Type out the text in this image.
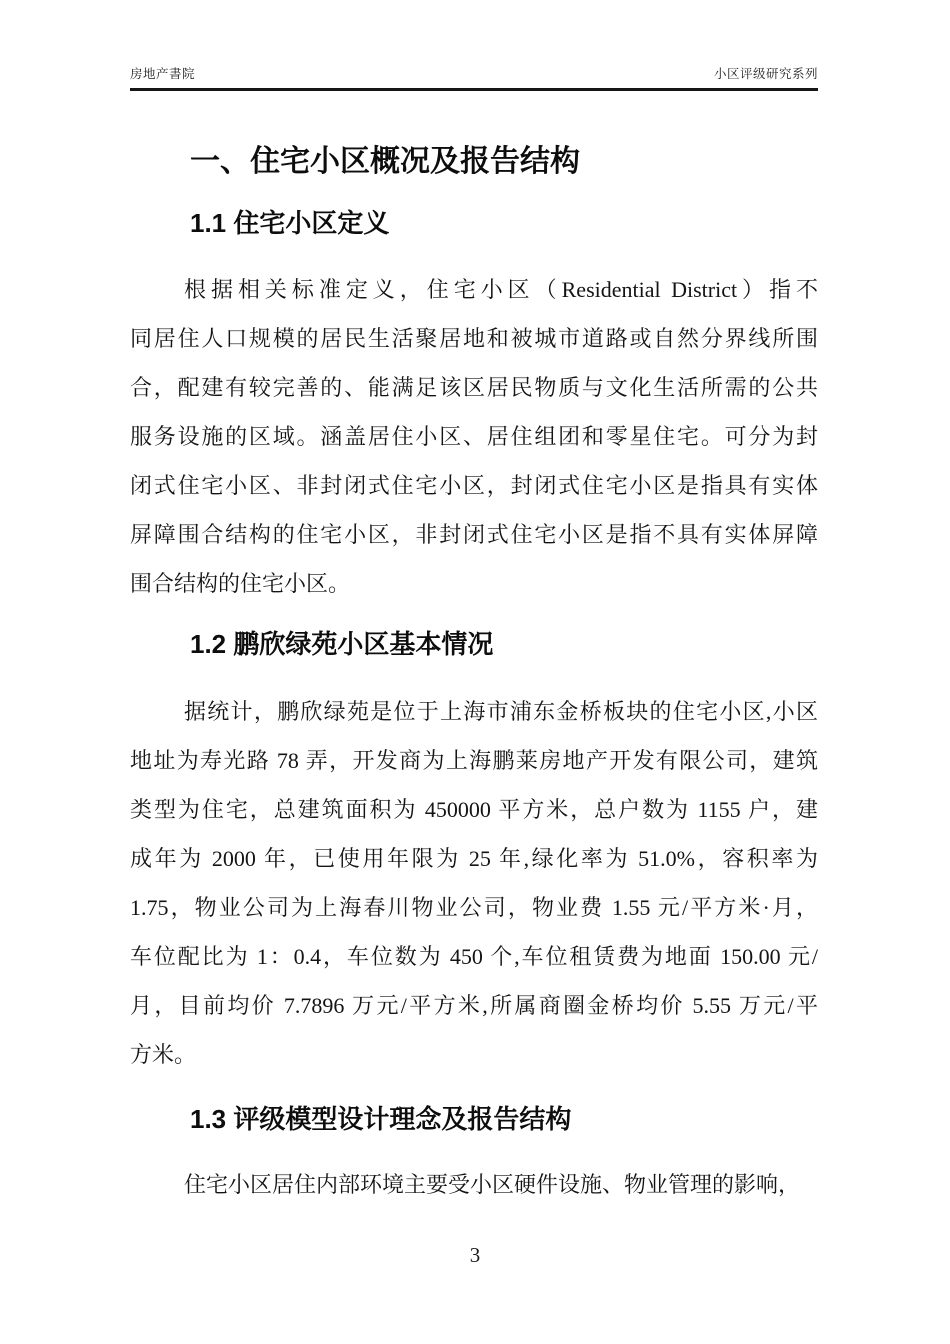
房地产書院	小区评级研究系列
一、住宅小区概况及报告结构
1.1 住宅小区定义
根据相关标准定义，住宅小区（Residential District）指不
同居住人口规模的居民生活聚居地和被城市道路或自然分界线所围
合，配建有较完善的、能满足该区居民物质与文化生活所需的公共
服务设施的区域。涵盖居住小区、居住组团和零星住宅。可分为封
闭式住宅小区、非封闭式住宅小区，封闭式住宅小区是指具有实体
屏障围合结构的住宅小区，非封闭式住宅小区是指不具有实体屏障
围合结构的住宅小区。
1.2 鹏欣绿苑小区基本情况
据统计，鹏欣绿苑是位于上海市浦东金桥板块的住宅小区,小区
地址为寿光路 78 弄，开发商为上海鹏莱房地产开发有限公司，建筑
类型为住宅，总建筑面积为 450000 平方米，总户数为 1155 户，建
成年为 2000 年，已使用年限为 25 年,绿化率为 51.0%，容积率为
1.75，物业公司为上海春川物业公司，物业费 1.55 元/平方米·月，
车位配比为 1：0.4，车位数为 450 个,车位租赁费为地面 150.00 元/
月，目前均价 7.7896 万元/平方米,所属商圈金桥均价 5.55 万元/平
方米。
1.3 评级模型设计理念及报告结构
住宅小区居住内部环境主要受小区硬件设施、物业管理的影响，
3
